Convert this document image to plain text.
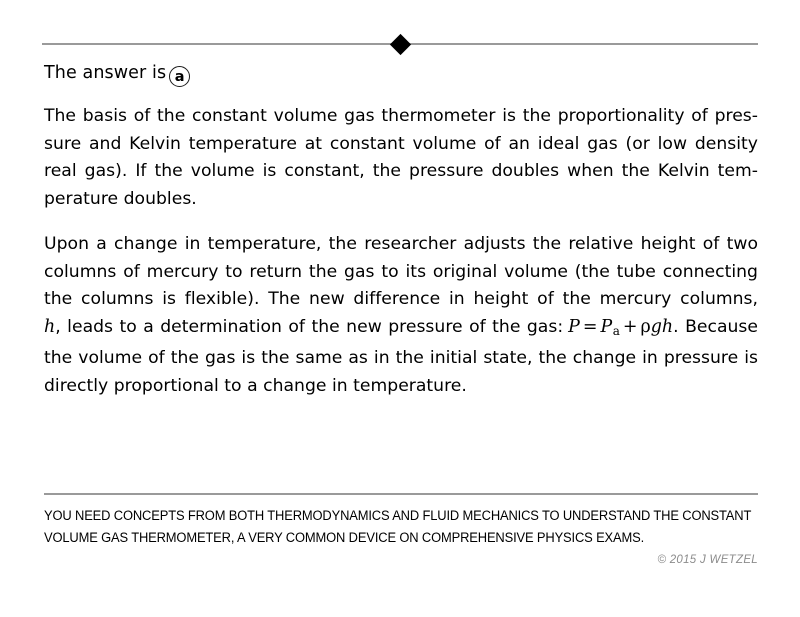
The answer is a

The basis of the constant volume gas thermometer is the proportionality of pres-
sure and Kelvin temperature at constant volume of an ideal gas (or low density
real gas). If the volume is constant, the pressure doubles when the Kelvin tem-
perature doubles.

Upon a change in temperature, the researcher adjusts the relative height of two
columns of mercury to return the gas to its original volume (the tube connecting
the columns is flexible). The new difference in height of the mercury columns,
h, leads to a determination of the new pressure of the gas: $P = P_a + \rho gh$. Because
the volume of the gas is the same as in the initial state, the change in pressure is
directly proportional to a change in temperature.

YOU NEED CONCEPTS FROM BOTH THERMODYNAMICS AND FLUID MECHANICS TO UNDERSTAND THE CONSTANT
VOLUME GAS THERMOMETER, A VERY COMMON DEVICE ON COMPREHENSIVE PHYSICS EXAMS.
© 2015 J WETZEL
